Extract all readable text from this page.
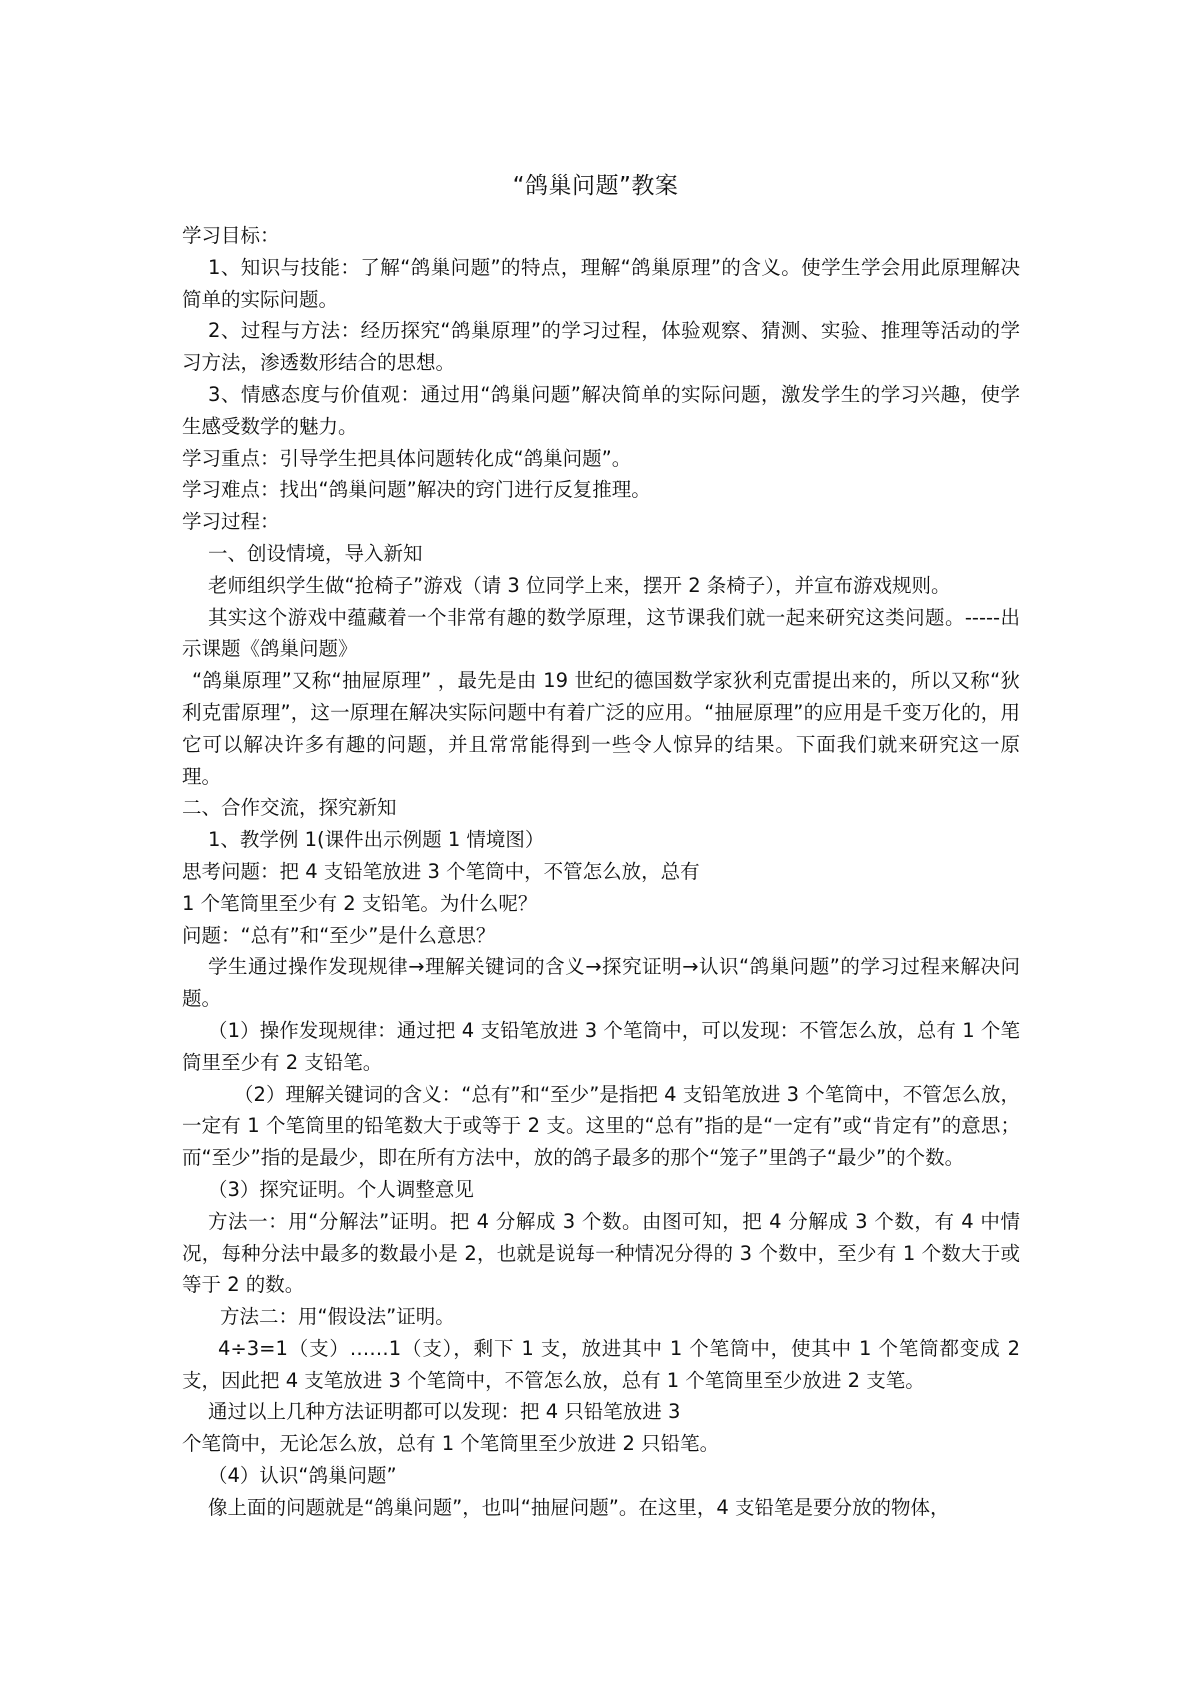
“鸽巢问题”教案

学习目标：

1、知识与技能：了解“鸽巢问题”的特点，理解“鸽巢原理”的含义。使学生学会用此原理解决简单的实际问题。

2、过程与方法：经历探究“鸽巢原理”的学习过程，体验观察、猜测、实验、推理等活动的学习方法，渗透数形结合的思想。

3、情感态度与价值观：通过用“鸽巢问题”解决简单的实际问题，激发学生的学习兴趣，使学生感受数学的魅力。

学习重点：引导学生把具体问题转化成“鸽巢问题”。

学习难点：找出“鸽巢问题”解决的窍门进行反复推理。

学习过程：

一、创设情境，导入新知

老师组织学生做“抢椅子”游戏（请 3 位同学上来，摆开 2 条椅子），并宣布游戏规则。

其实这个游戏中蕴藏着一个非常有趣的数学原理，这节课我们就一起来研究这类问题。-----出示课题《鸽巢问题》

“鸽巢原理”又称“抽屉原理” ，最先是由 19 世纪的德国数学家狄利克雷提出来的，所以又称“狄利克雷原理”，这一原理在解决实际问题中有着广泛的应用。“抽屉原理”的应用是千变万化的，用它可以解决许多有趣的问题，并且常常能得到一些令人惊异的结果。下面我们就来研究这一原理。

二、合作交流，探究新知

1、教学例 1(课件出示例题 1 情境图）

思考问题：把 4 支铅笔放进 3 个笔筒中，不管怎么放，总有

1 个笔筒里至少有 2 支铅笔。为什么呢？

问题：“总有”和“至少”是什么意思？

学生通过操作发现规律→理解关键词的含义→探究证明→认识“鸽巢问题”的学习过程来解决问题。

（1）操作发现规律：通过把 4 支铅笔放进 3 个笔筒中，可以发现：不管怎么放，总有 1 个笔筒里至少有 2 支铅笔。

（2）理解关键词的含义：“总有”和“至少”是指把 4 支铅笔放进 3 个笔筒中，不管怎么放，一定有 1 个笔筒里的铅笔数大于或等于 2 支。这里的“总有”指的是“一定有”或“肯定有”的意思；而“至少”指的是最少，即在所有方法中，放的鸽子最多的那个“笼子”里鸽子“最少”的个数。

（3）探究证明。个人调整意见

方法一：用“分解法”证明。把 4 分解成 3 个数。由图可知，把 4 分解成 3 个数，有 4 中情况，每种分法中最多的数最小是 2，也就是说每一种情况分得的 3 个数中，至少有 1 个数大于或等于 2 的数。

方法二：用“假设法”证明。

4÷3=1（支）……1（支），剩下 1 支，放进其中 1 个笔筒中，使其中 1 个笔筒都变成 2 支，因此把 4 支笔放进 3 个笔筒中，不管怎么放，总有 1 个笔筒里至少放进 2 支笔。

通过以上几种方法证明都可以发现：把 4 只铅笔放进 3

个笔筒中，无论怎么放，总有 1 个笔筒里至少放进 2 只铅笔。

（4）认识“鸽巢问题”

像上面的问题就是“鸽巢问题”，也叫“抽屉问题”。在这里，4 支铅笔是要分放的物体，
